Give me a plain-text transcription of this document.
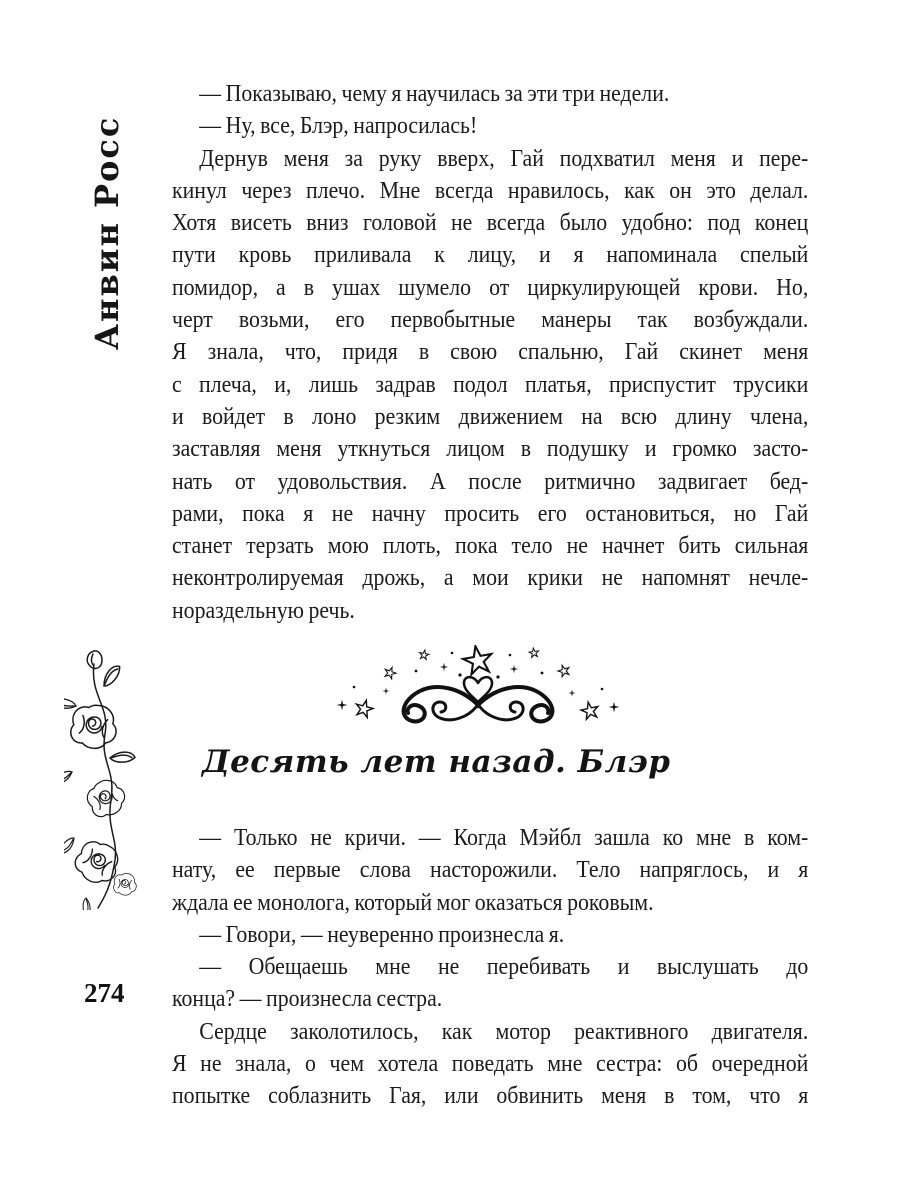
Анвин Росс
274
— Показываю, чему я научилась за эти три недели.
— Ну, все, Блэр, напросилась!
Дернув меня за руку вверх, Гай подхватил меня и пере-
кинул через плечо. Мне всегда нравилось, как он это делал.
Хотя висеть вниз головой не всегда было удобно: под конец
пути кровь приливала к лицу, и я напоминала спелый
помидор, а в ушах шумело от циркулирующей крови. Но,
черт возьми, его первобытные манеры так возбуждали.
Я знала, что, придя в свою спальню, Гай скинет меня
с плеча, и, лишь задрав подол платья, приспустит трусики
и войдет в лоно резким движением на всю длину члена,
заставляя меня уткнуться лицом в подушку и громко засто-
нать от удовольствия. А после ритмично задвигает бед-
рами, пока я не начну просить его остановиться, но Гай
станет терзать мою плоть, пока тело не начнет бить сильная
неконтролируемая дрожь, а мои крики не напомнят нечле-
нораздельную речь.
Десять лет назад. Блэр
— Только не кричи. — Когда Мэйбл зашла ко мне в ком-
нату, ее первые слова насторожили. Тело напряглось, и я
ждала ее монолога, который мог оказаться роковым.
— Говори, — неуверенно произнесла я.
— Обещаешь мне не перебивать и выслушать до
конца? — произнесла сестра.
Сердце заколотилось, как мотор реактивного двигателя.
Я не знала, о чем хотела поведать мне сестра: об очередной
попытке соблазнить Гая, или обвинить меня в том, что я
